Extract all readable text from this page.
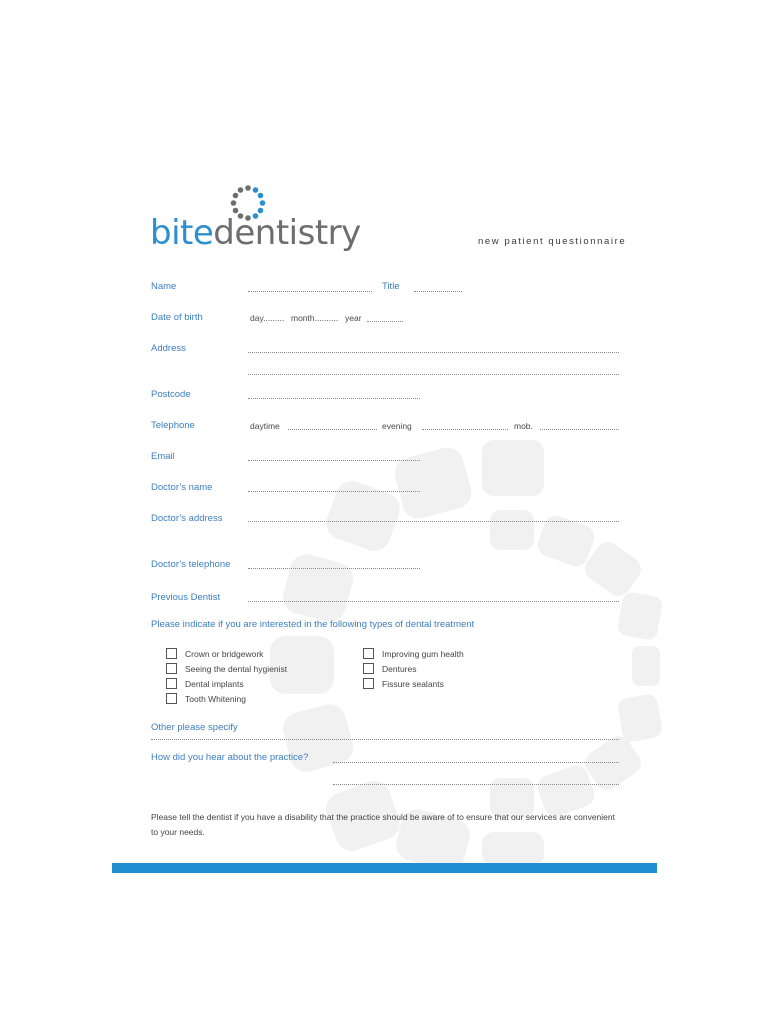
bitedentistry	new patient questionnaire
Name	Title
Date of birth	day......... month.......... year
Address
Postcode
Telephone	daytime	evening	mob.
Email
Doctor’s name
Doctor’s address
Doctor’s telephone
Previous Dentist
Please indicate if you are interested in the following types of dental treatment
Crown or bridgework
Seeing the dental hygienist
Dental implants
Tooth Whitening
Improving gum health
Dentures
Fissure sealants
Other please specify
How did you hear about the practice?
Please tell the dentist if you have a disability that the practice should be aware of to ensure that our services are convenient to your needs.
